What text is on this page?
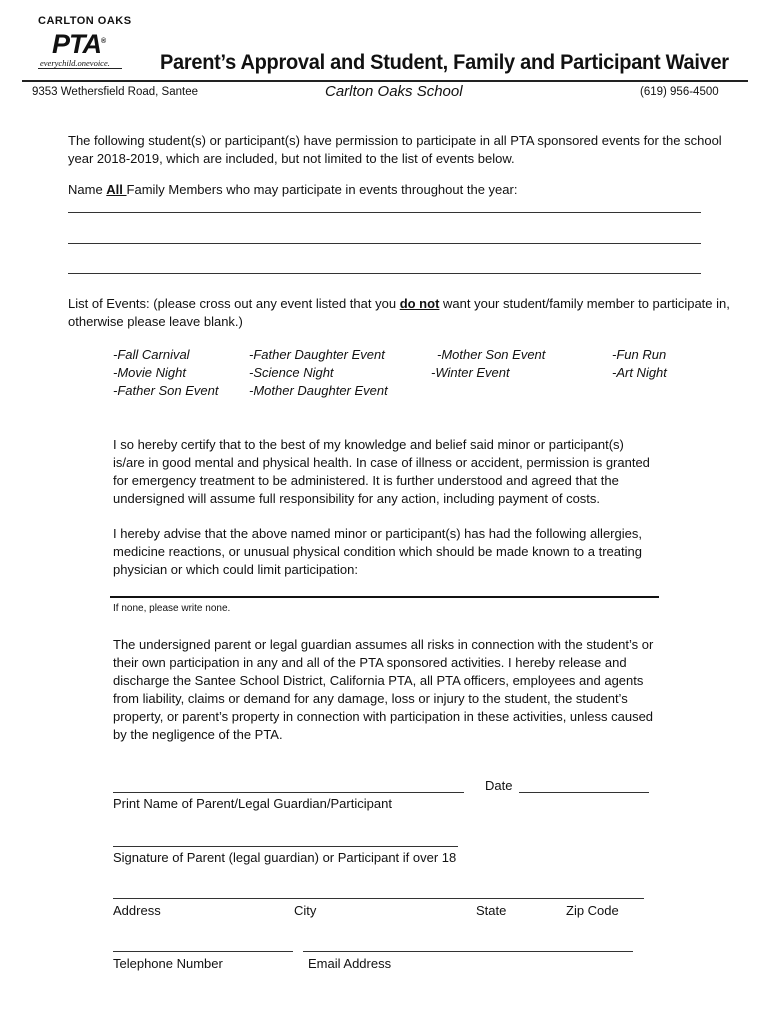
CARLTON OAKS
PTA®
everychild.onevoice. Parent’s Approval and Student, Family and Participant Waiver
9353 Wethersfield Road, Santee	Carlton Oaks School	(619) 956-4500
The following student(s) or participant(s) have permission to participate in all PTA sponsored events for the school year 2018-2019, which are included, but not limited to the list of events below.
Name All Family Members who may participate in events throughout the year:
List of Events: (please cross out any event listed that you do not want your student/family member to participate in, otherwise please leave blank.)
-Fall Carnival
-Movie Night
-Father Son Event
-Father Daughter Event
-Science Night
-Mother Daughter Event
-Mother Son Event
-Winter Event
-Fun Run
-Art Night
I so hereby certify that to the best of my knowledge and belief said minor or participant(s) is/are in good mental and physical health. In case of illness or accident, permission is granted for emergency treatment to be administered. It is further understood and agreed that the undersigned will assume full responsibility for any action, including payment of costs.
I hereby advise that the above named minor or participant(s) has had the following allergies, medicine reactions, or unusual physical condition which should be made known to a treating physician or which could limit participation:
If none, please write none.
The undersigned parent or legal guardian assumes all risks in connection with the student’s or their own participation in any and all of the PTA sponsored activities. I hereby release and discharge the Santee School District, California PTA, all PTA officers, employees and agents from liability, claims or demand for any damage, loss or injury to the student, the student’s property, or parent’s property in connection with participation in these activities, unless caused by the negligence of the PTA.
Date
Print Name of Parent/Legal Guardian/Participant
Signature of Parent (legal guardian) or Participant if over 18
Address	City	State	Zip Code
Telephone Number	Email Address
